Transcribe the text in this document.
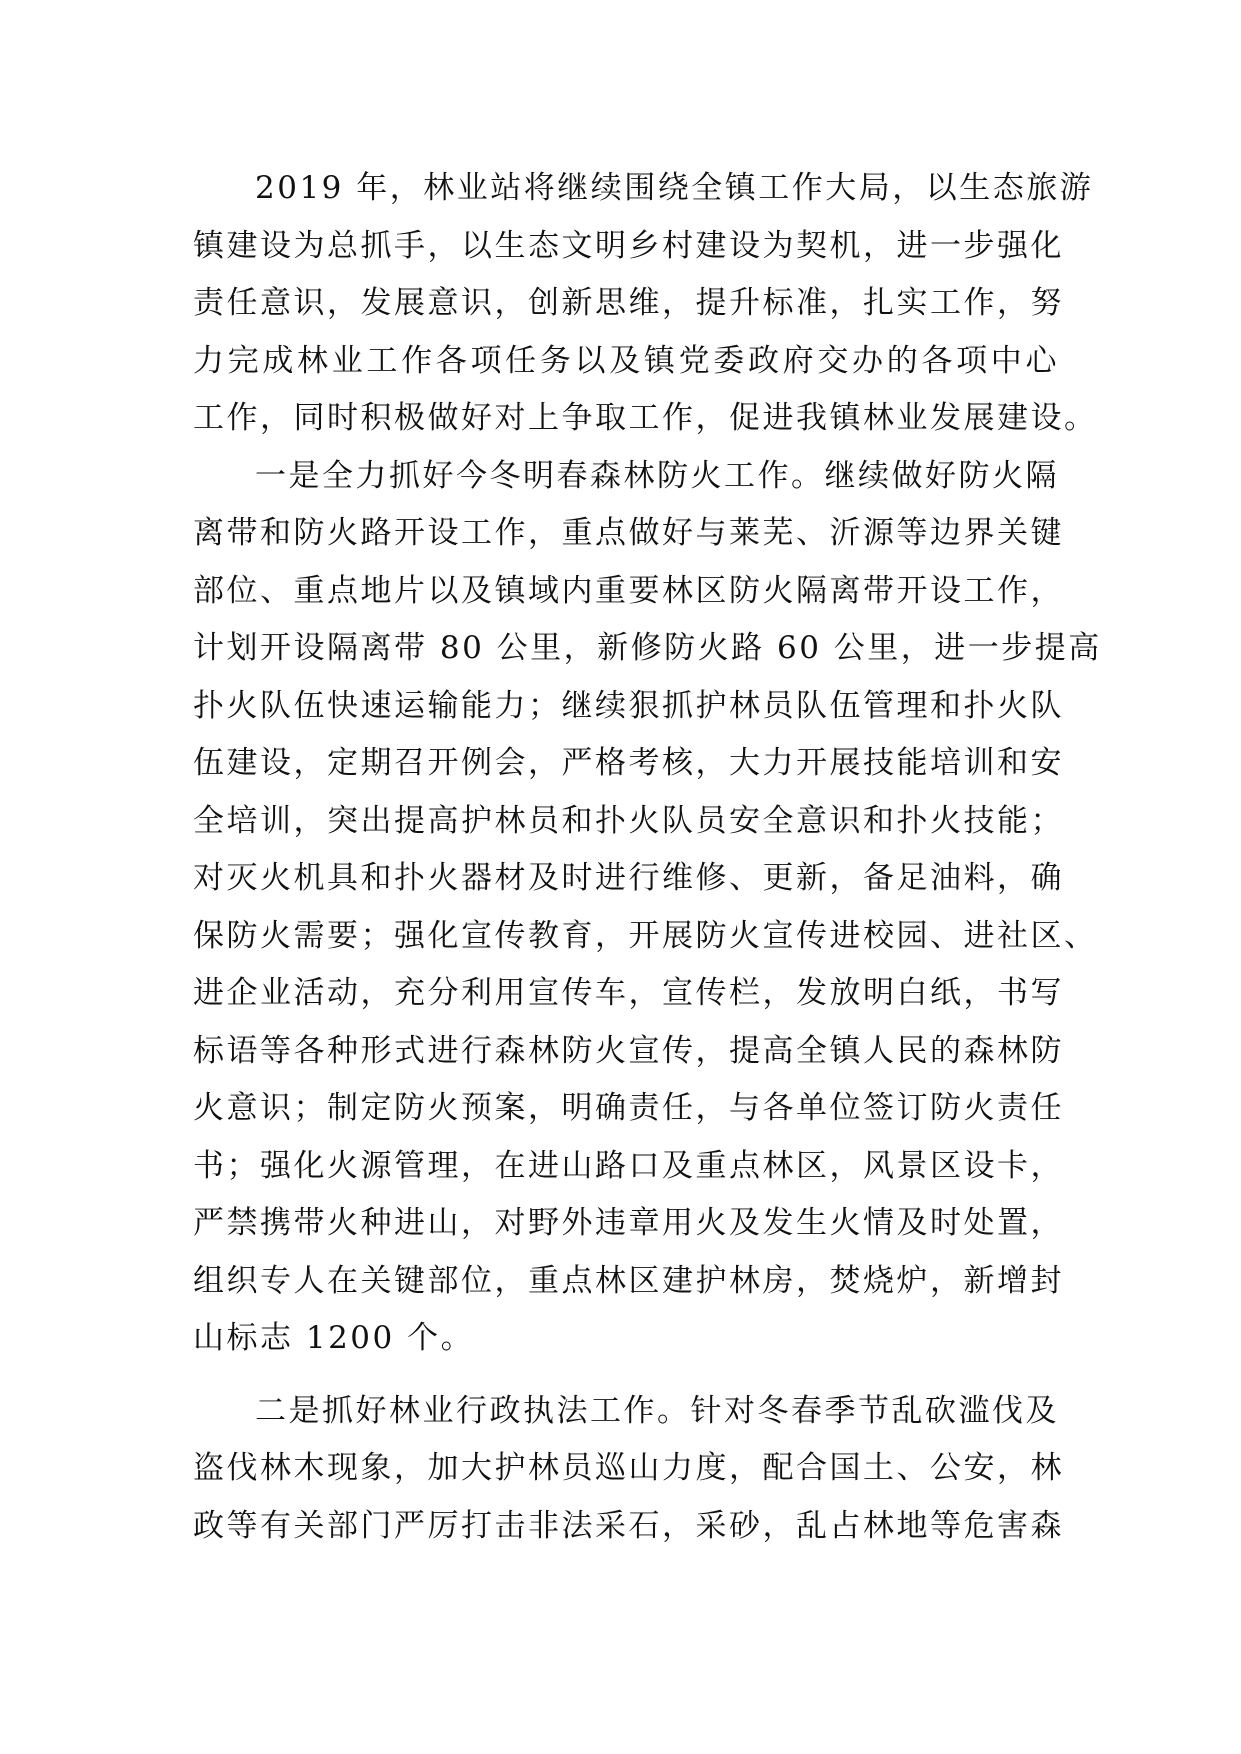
2019 年，林业站将继续围绕全镇工作大局，以生态旅游
镇建设为总抓手，以生态文明乡村建设为契机，进一步强化
责任意识，发展意识，创新思维，提升标准，扎实工作，努
力完成林业工作各项任务以及镇党委政府交办的各项中心
工作，同时积极做好对上争取工作，促进我镇林业发展建设。
一是全力抓好今冬明春森林防火工作。继续做好防火隔
离带和防火路开设工作，重点做好与莱芜、沂源等边界关键
部位、重点地片以及镇域内重要林区防火隔离带开设工作，
计划开设隔离带 80 公里，新修防火路 60 公里，进一步提高
扑火队伍快速运输能力；继续狠抓护林员队伍管理和扑火队
伍建设，定期召开例会，严格考核，大力开展技能培训和安
全培训，突出提高护林员和扑火队员安全意识和扑火技能；
对灭火机具和扑火器材及时进行维修、更新，备足油料，确
保防火需要；强化宣传教育，开展防火宣传进校园、进社区、
进企业活动，充分利用宣传车，宣传栏，发放明白纸，书写
标语等各种形式进行森林防火宣传，提高全镇人民的森林防
火意识；制定防火预案，明确责任，与各单位签订防火责任
书；强化火源管理，在进山路口及重点林区，风景区设卡，
严禁携带火种进山，对野外违章用火及发生火情及时处置，
组织专人在关键部位，重点林区建护林房，焚烧炉，新增封
山标志 1200 个。
二是抓好林业行政执法工作。针对冬春季节乱砍滥伐及
盗伐林木现象，加大护林员巡山力度，配合国土、公安，林
政等有关部门严厉打击非法采石，采砂，乱占林地等危害森
